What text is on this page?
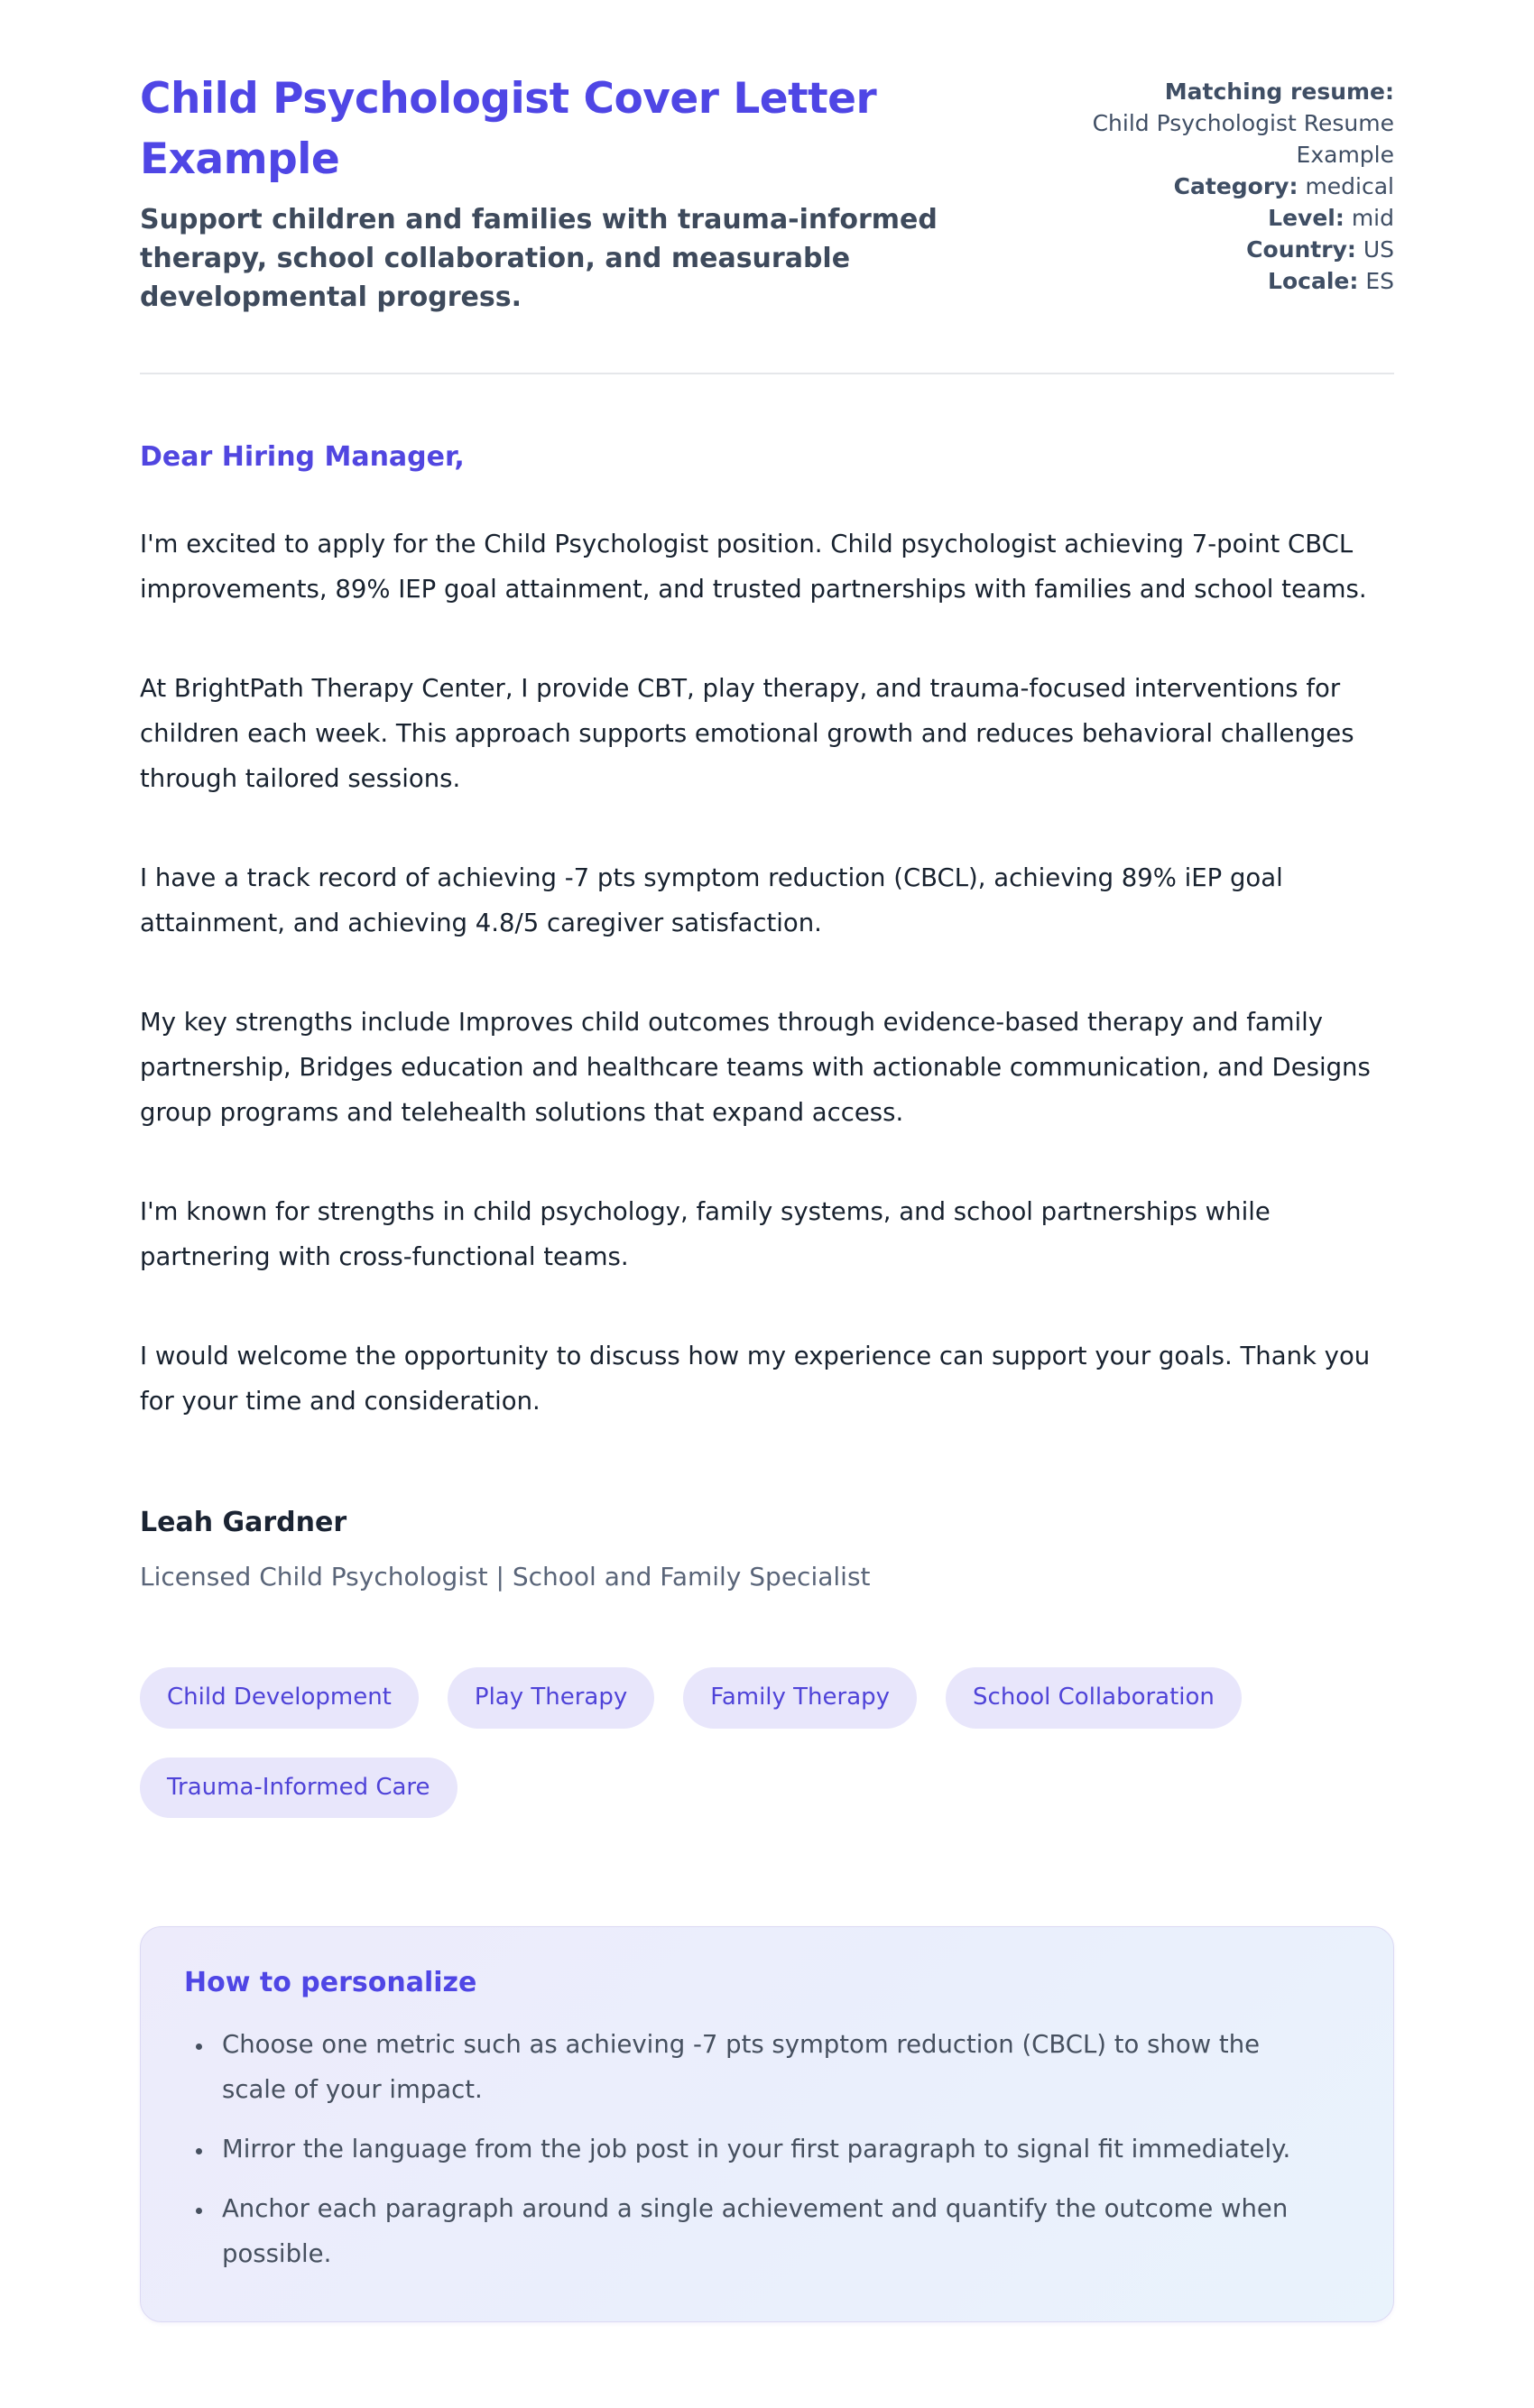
Child Psychologist Cover Letter Example
Support children and families with trauma-informed therapy, school collaboration, and measurable developmental progress.
Matching resume:
Child Psychologist Resume Example
Category: medical
Level: mid
Country: US
Locale: ES
Dear Hiring Manager,

I'm excited to apply for the Child Psychologist position. Child psychologist achieving 7-point CBCL improvements, 89% IEP goal attainment, and trusted partnerships with families and school teams.

At BrightPath Therapy Center, I provide CBT, play therapy, and trauma-focused interventions for children each week. This approach supports emotional growth and reduces behavioral challenges through tailored sessions.

I have a track record of achieving -7 pts symptom reduction (CBCL), achieving 89% iEP goal attainment, and achieving 4.8/5 caregiver satisfaction.

My key strengths include Improves child outcomes through evidence-based therapy and family partnership, Bridges education and healthcare teams with actionable communication, and Designs group programs and telehealth solutions that expand access.

I'm known for strengths in child psychology, family systems, and school partnerships while partnering with cross-functional teams.

I would welcome the opportunity to discuss how my experience can support your goals. Thank you for your time and consideration.

Leah Gardner
Licensed Child Psychologist | School and Family Specialist
Child Development	Play Therapy	Family Therapy	School Collaboration
Trauma-Informed Care
How to personalize
• Choose one metric such as achieving -7 pts symptom reduction (CBCL) to show the scale of your impact.
• Mirror the language from the job post in your first paragraph to signal fit immediately.
• Anchor each paragraph around a single achievement and quantify the outcome when possible.
